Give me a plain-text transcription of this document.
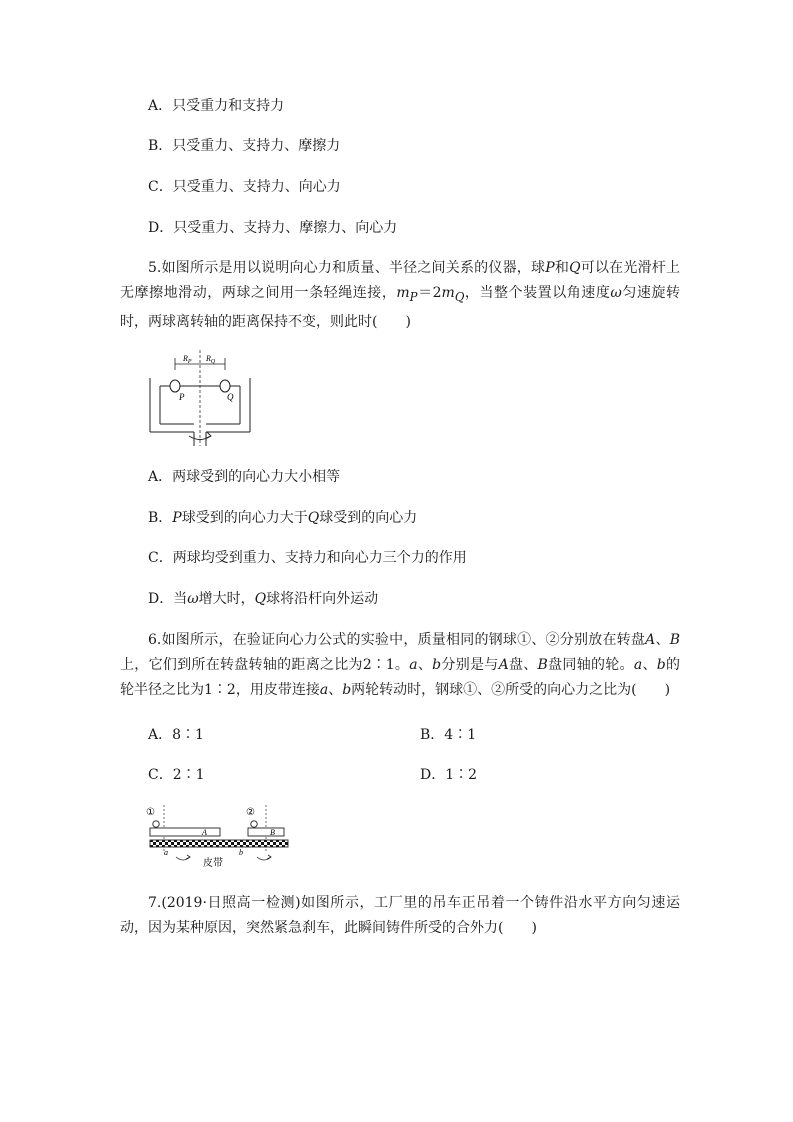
A．只受重力和支持力
B．只受重力、支持力、摩擦力
C．只受重力、支持力、向心力
D．只受重力、支持力、摩擦力、向心力

5.如图所示是用以说明向心力和质量、半径之间关系的仪器，球P和Q可以在光滑杆上无摩擦地滑动，两球之间用一条轻绳连接，$m_P=2m_Q$，当整个装置以角速度ω匀速旋转时，两球离转轴的距离保持不变，则此时(　　)

$R_P$ $R_Q$
P	Q
A．两球受到的向心力大小相等
B．P球受到的向心力大于Q球受到的向心力
C．两球均受到重力、支持力和向心力三个力的作用
D．当ω增大时，Q球将沿杆向外运动

6.如图所示，在验证向心力公式的实验中，质量相同的钢球①、②分别放在转盘A、B上，它们到所在转盘转轴的距离之比为2∶1。a、b分别是与A盘、B盘同轴的轮。a、b的轮半径之比为1∶2，用皮带连接a、b两轮转动时，钢球①、②所受的向心力之比为(　　)

A．8∶1	B．4∶1
C．2∶1	D．1∶2
①	②
A	B
a	b
皮带

7.(2019·日照高一检测)如图所示，工厂里的吊车正吊着一个铸件沿水平方向匀速运动，因为某种原因，突然紧急刹车，此瞬间铸件所受的合外力(　　)
